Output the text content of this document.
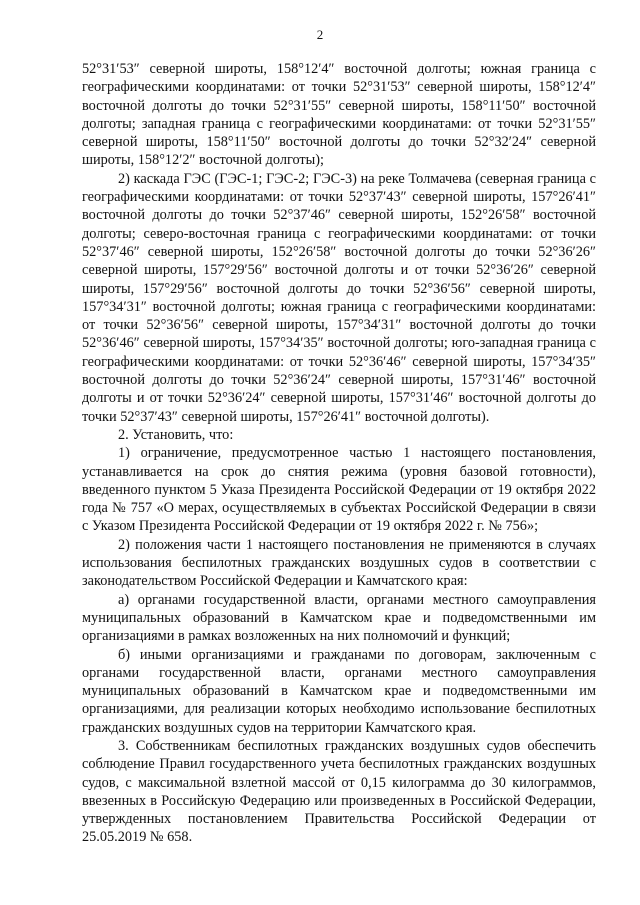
2

52°31′53″ северной широты, 158°12′4″ восточной долготы; южная граница с географическими координатами: от точки 52°31′53″ северной широты, 158°12′4″ восточной долготы до точки 52°31′55″ северной широты, 158°11′50″ восточной долготы; западная граница с географическими координатами: от точки 52°31′55″ северной широты, 158°11′50″ восточной долготы до точки 52°32′24″ северной широты, 158°12′2″ восточной долготы);

2) каскада ГЭС (ГЭС-1; ГЭС-2; ГЭС-3) на реке Толмачева (северная граница с географическими координатами: от точки 52°37′43″ северной широты, 157°26′41″ восточной долготы до точки 52°37′46″ северной широты, 152°26′58″ восточной долготы; северо-восточная граница с географическими координатами: от точки 52°37′46″ северной широты, 152°26′58″ восточной долготы до точки 52°36′26″ северной широты, 157°29′56″ восточной долготы и от точки 52°36′26″ северной широты, 157°29′56″ восточной долготы до точки 52°36′56″ северной широты, 157°34′31″ восточной долготы; южная граница с географическими координатами: от точки 52°36′56″ северной широты, 157°34′31″ восточной долготы до точки 52°36′46″ северной широты, 157°34′35″ восточной долготы; юго-западная граница с географическими координатами: от точки 52°36′46″ северной широты, 157°34′35″ восточной долготы до точки 52°36′24″ северной широты, 157°31′46″ восточной долготы и от точки 52°36′24″ северной широты, 157°31′46″ восточной долготы до точки 52°37′43″ северной широты, 157°26′41″ восточной долготы).

2. Установить, что:

1) ограничение, предусмотренное частью 1 настоящего постановления, устанавливается на срок до снятия режима (уровня базовой готовности), введенного пунктом 5 Указа Президента Российской Федерации от 19 октября 2022 года № 757 «О мерах, осуществляемых в субъектах Российской Федерации в связи с Указом Президента Российской Федерации от 19 октября 2022 г. № 756»;

2) положения части 1 настоящего постановления не применяются в случаях использования беспилотных гражданских воздушных судов в соответствии с законодательством Российской Федерации и Камчатского края:

а) органами государственной власти, органами местного самоуправления муниципальных образований в Камчатском крае и подведомственными им организациями в рамках возложенных на них полномочий и функций;

б) иными организациями и гражданами по договорам, заключенным с органами государственной власти, органами местного самоуправления муниципальных образований в Камчатском крае и подведомственными им организациями, для реализации которых необходимо использование беспилотных гражданских воздушных судов на территории Камчатского края.

3. Собственникам беспилотных гражданских воздушных судов обеспечить соблюдение Правил государственного учета беспилотных гражданских воздушных судов, с максимальной взлетной массой от 0,15 килограмма до 30 килограммов, ввезенных в Российскую Федерацию или произведенных в Российской Федерации, утвержденных постановлением Правительства Российской Федерации от 25.05.2019 № 658.
